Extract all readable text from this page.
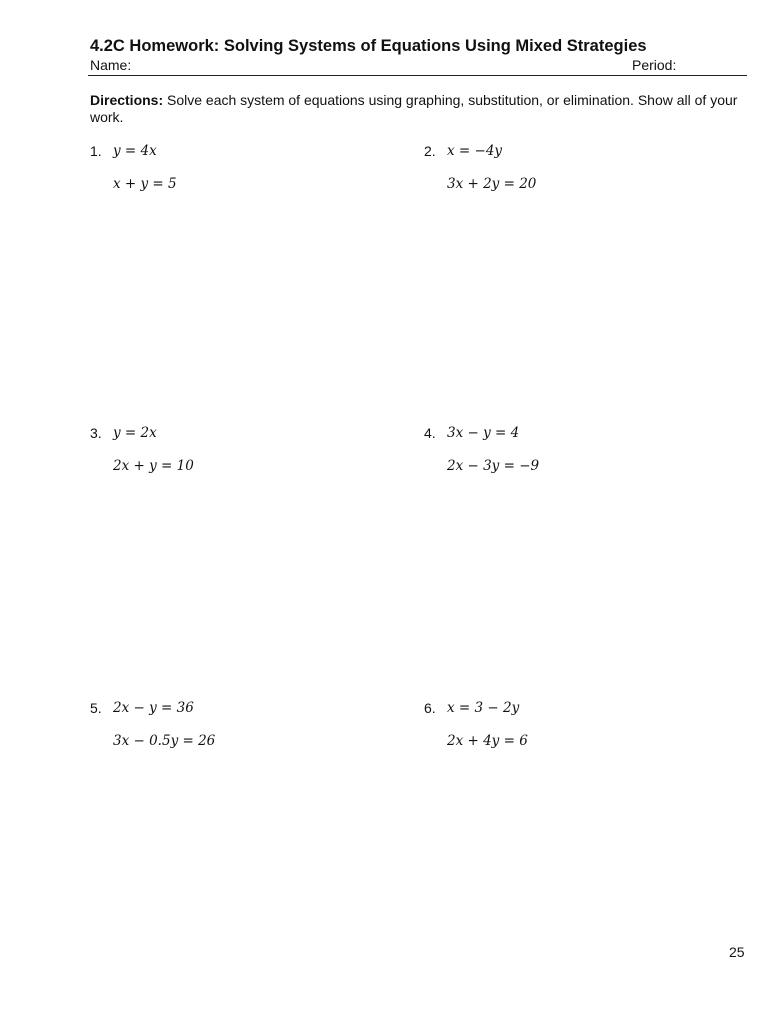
4.2C Homework: Solving Systems of Equations Using Mixed Strategies
Name:	Period:
Directions: Solve each system of equations using graphing, substitution, or elimination. Show all of your work.
1. y = 4x
x + y = 5
2. x = −4y
3x + 2y = 20
3. y = 2x
2x + y = 10
4. 3x − y = 4
2x − 3y = −9
5. 2x − y = 36
3x − 0.5y = 26
6. x = 3 − 2y
2x + 4y = 6
25
